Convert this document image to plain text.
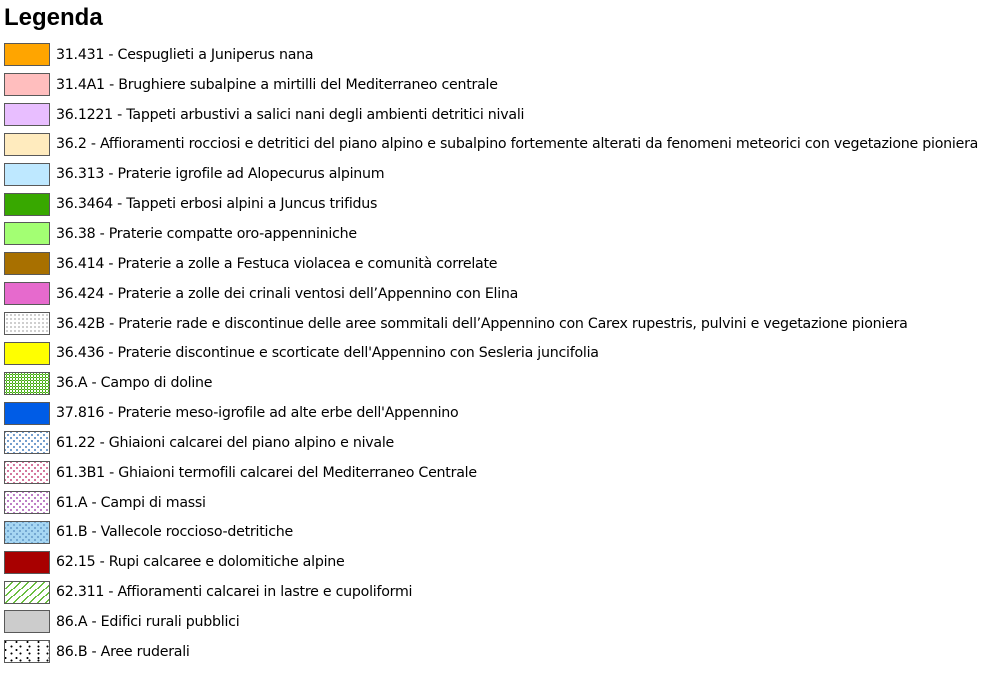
Legenda
31.431 - Cespuglieti a Juniperus nana
31.4A1 - Brughiere subalpine a mirtilli del Mediterraneo centrale
36.1221 - Tappeti arbustivi a salici nani degli ambienti detritici nivali
36.2 - Affioramenti rocciosi e detritici del piano alpino e subalpino fortemente alterati da fenomeni meteorici con vegetazione pioniera
36.313 - Praterie igrofile ad Alopecurus alpinum
36.3464 - Tappeti erbosi alpini a Juncus trifidus
36.38 - Praterie compatte oro-appenniniche
36.414 - Praterie a zolle a Festuca violacea e comunità correlate
36.424 - Praterie a zolle dei crinali ventosi dell’Appennino con Elina
36.42B - Praterie rade e discontinue delle aree sommitali dell’Appennino con Carex rupestris, pulvini e vegetazione pioniera
36.436 - Praterie discontinue e scorticate dell'Appennino con Sesleria juncifolia
36.A - Campo di doline
37.816 - Praterie meso-igrofile ad alte erbe dell'Appennino
61.22 - Ghiaioni calcarei del piano alpino e nivale
61.3B1 - Ghiaioni termofili calcarei del Mediterraneo Centrale
61.A - Campi di massi
61.B - Vallecole roccioso-detritiche
62.15 - Rupi calcaree e dolomitiche alpine
62.311 - Affioramenti calcarei in lastre e cupoliformi
86.A - Edifici rurali pubblici
86.B - Aree ruderali
